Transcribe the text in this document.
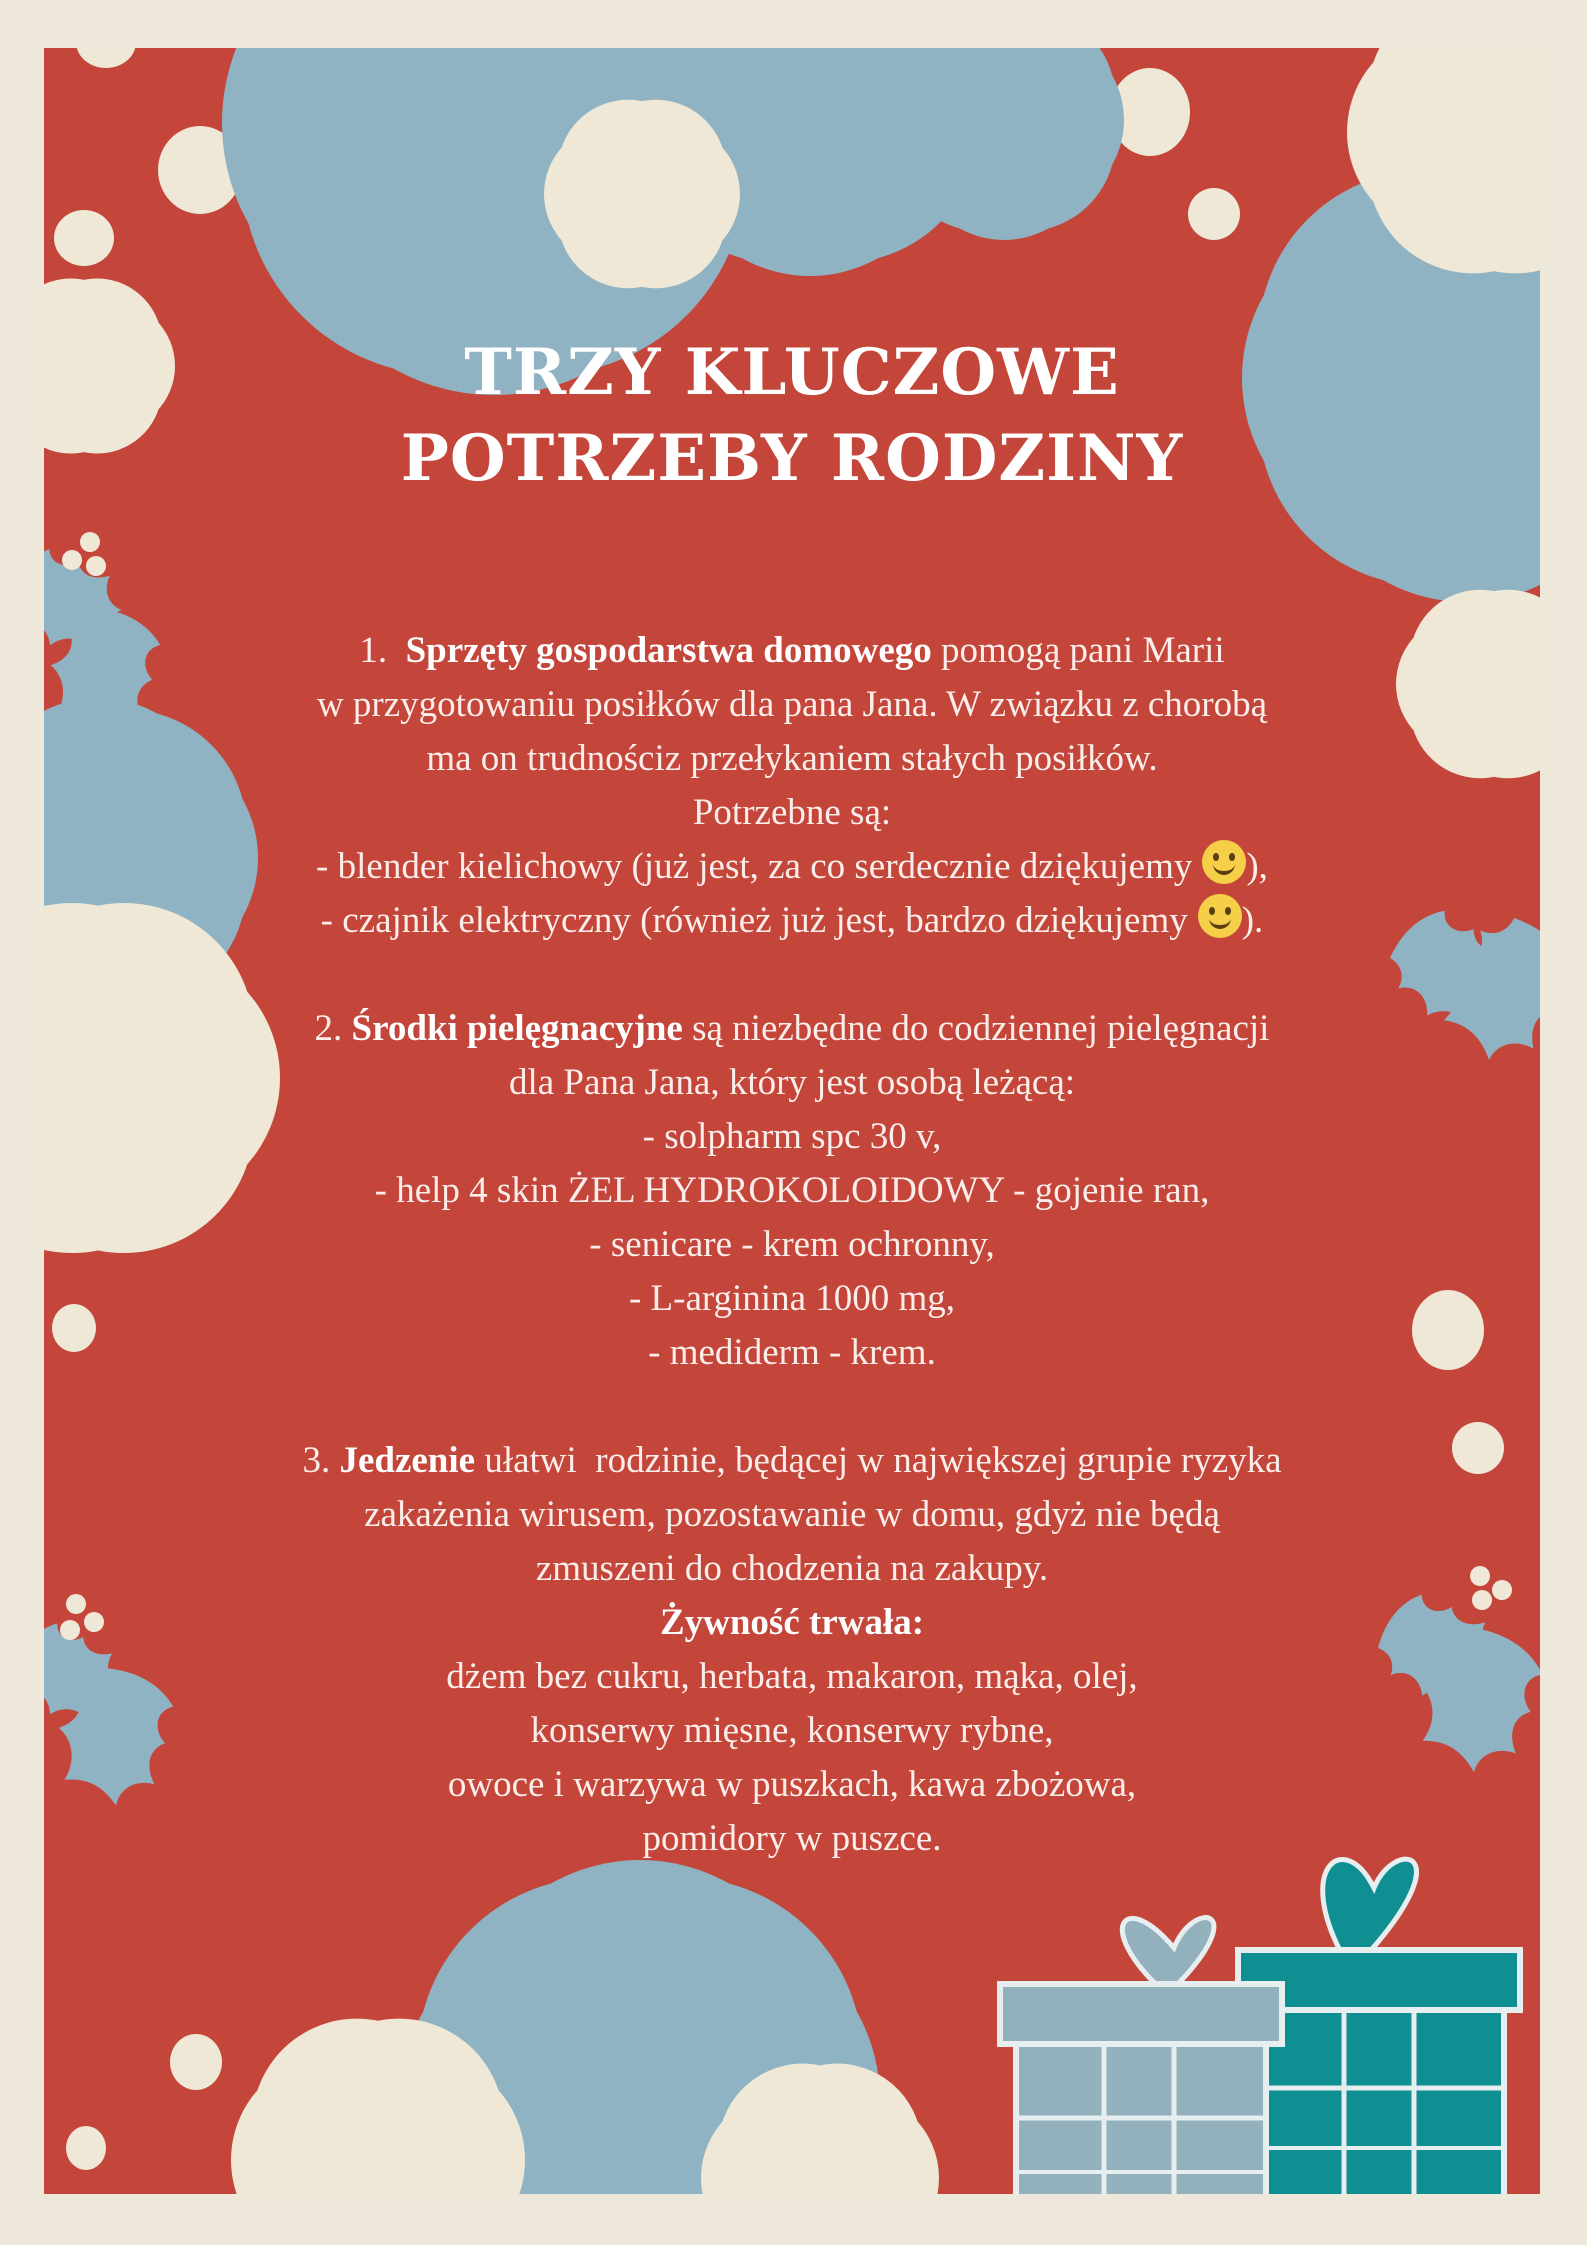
TRZY KLUCZOWE
POTRZEBY RODZINY

1. Sprzęty gospodarstwa domowego pomogą pani Marii

w przygotowaniu posiłków dla pana Jana. W związku z chorobą

ma on trudnościz przełykaniem stałych posiłków.

Potrzebne są:

- blender kielichowy (już jest, za co serdecznie dziękujemy ),

- czajnik elektryczny (również już jest, bardzo dziękujemy ).

2. Środki pielęgnacyjne są niezbędne do codziennej pielęgnacji

dla Pana Jana, który jest osobą leżącą:

- solpharm spc 30 v,

- help 4 skin ŻEL HYDROKOLOIDOWY - gojenie ran,

- senicare - krem ochronny,

- L-arginina 1000 mg,

- mediderm - krem.

3. Jedzenie ułatwi  rodzinie, będącej w największej grupie ryzyka

zakażenia wirusem, pozostawanie w domu, gdyż nie będą

zmuszeni do chodzenia na zakupy.

Żywność trwała:

dżem bez cukru, herbata, makaron, mąka, olej,

konserwy mięsne, konserwy rybne,

owoce i warzywa w puszkach, kawa zbożowa,

pomidory w puszce.
